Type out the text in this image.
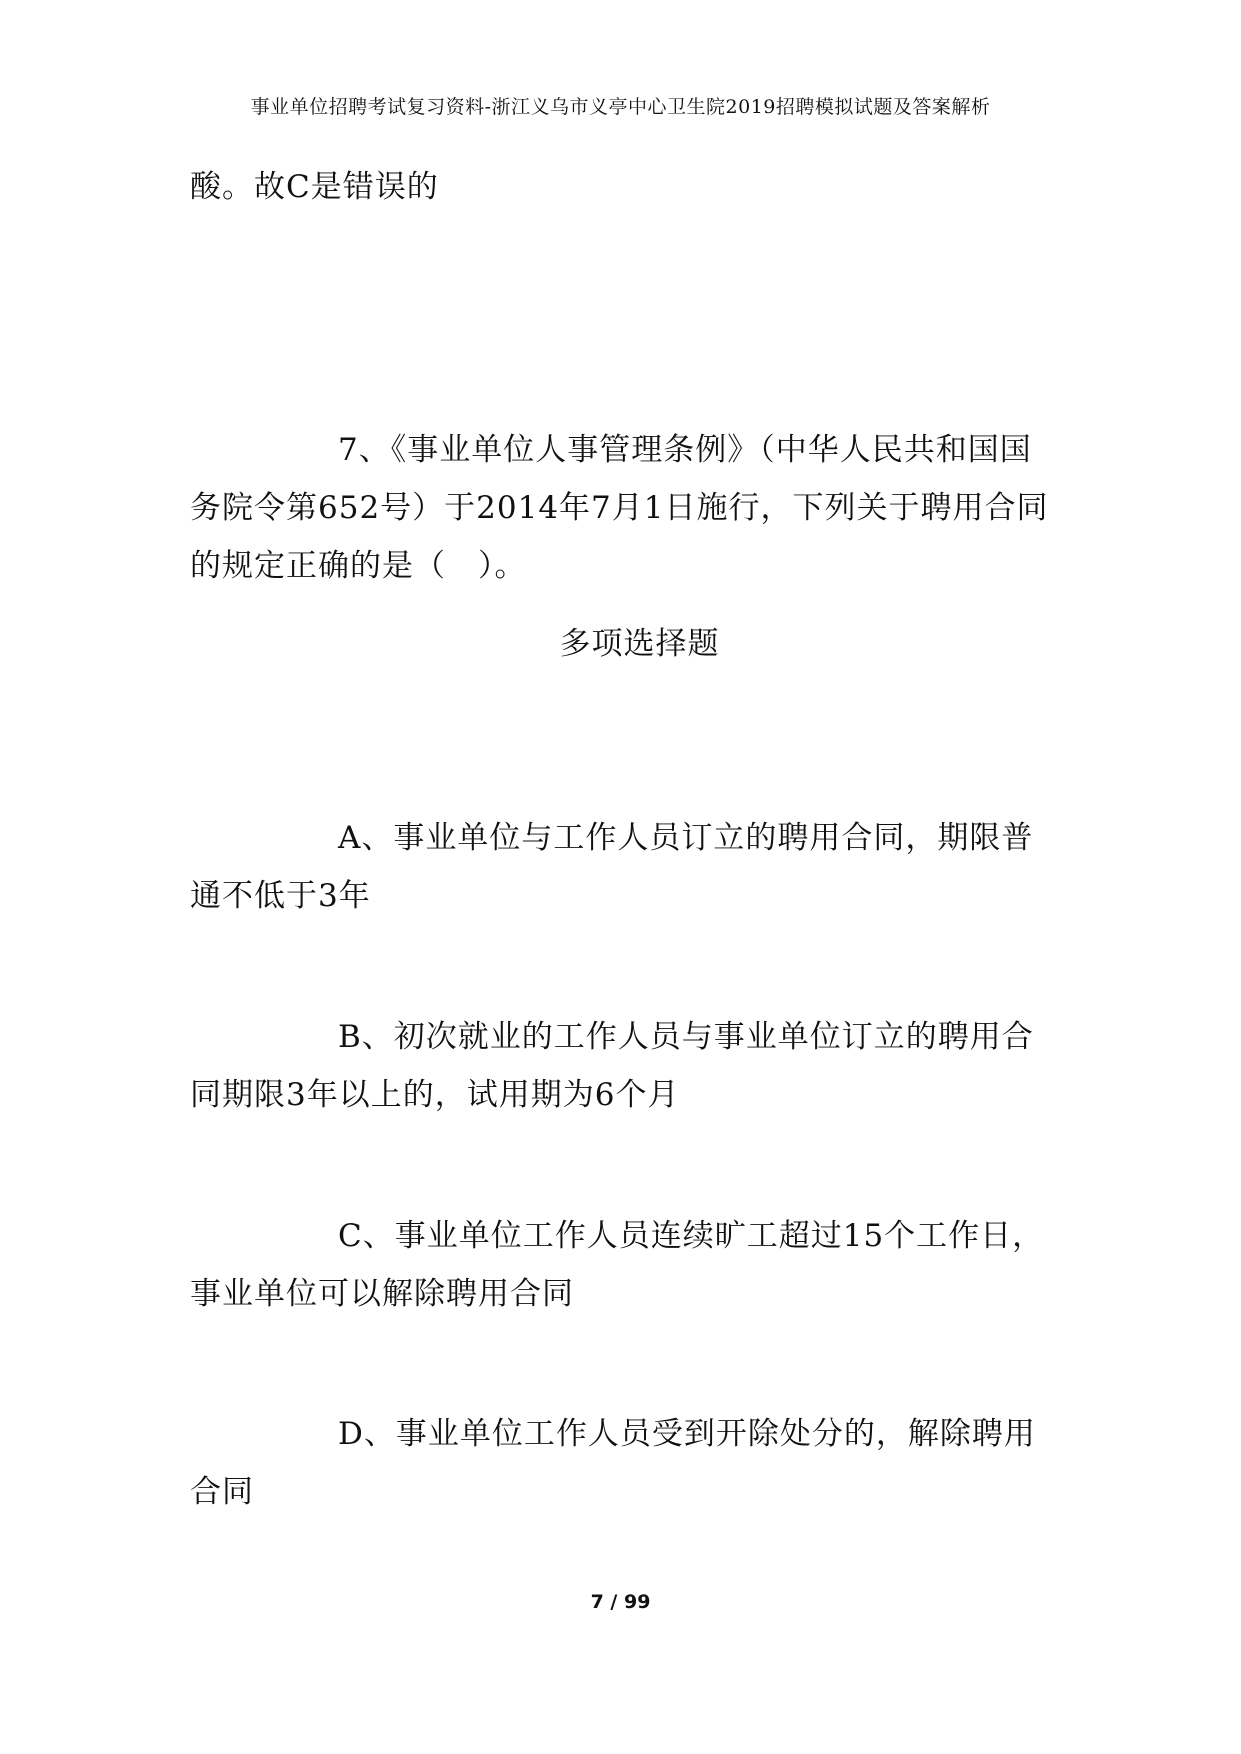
事业单位招聘考试复习资料-浙江义乌市义亭中心卫生院2019招聘模拟试题及答案解析

酸。故C是错误的

7、《事业单位人事管理条例》（中华人民共和国国务院令第652号）于2014年7月1日施行，下列关于聘用合同的规定正确的是（　）。

多项选择题

A、事业单位与工作人员订立的聘用合同，期限普通不低于3年

B、初次就业的工作人员与事业单位订立的聘用合同期限3年以上的，试用期为6个月

C、事业单位工作人员连续旷工超过15个工作日，事业单位可以解除聘用合同

D、事业单位工作人员受到开除处分的，解除聘用合同

7 / 99
